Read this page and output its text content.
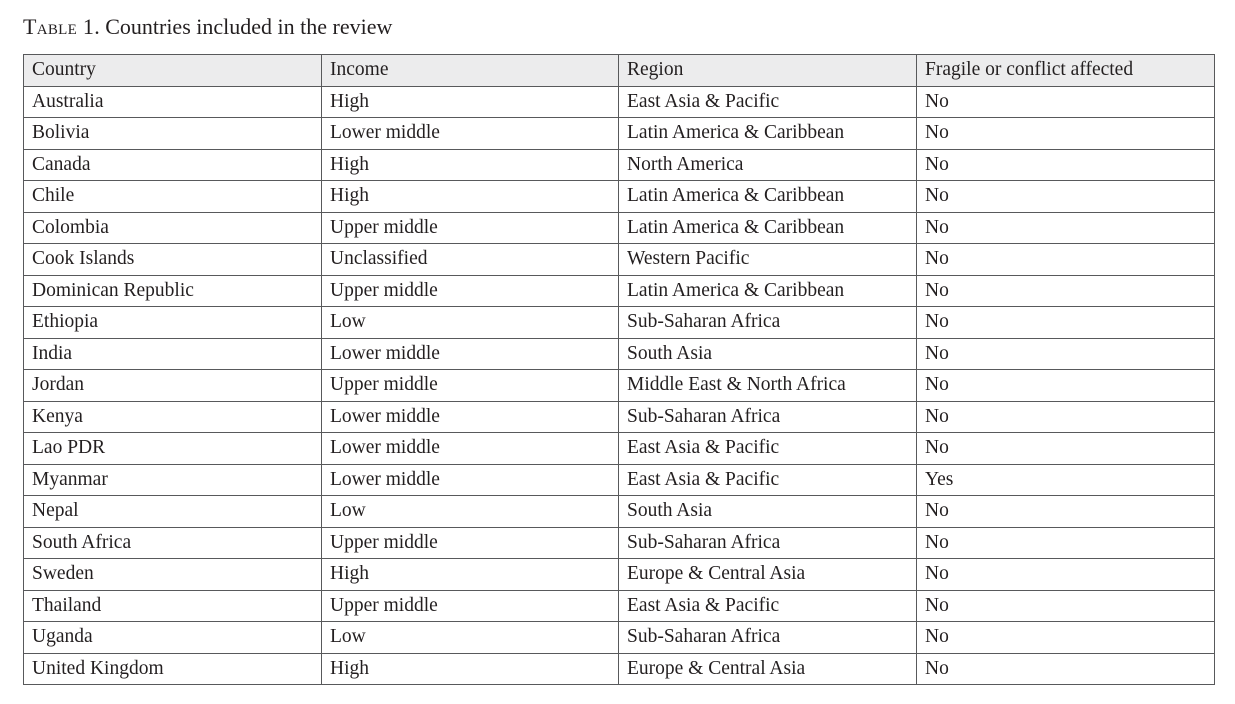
Table 1. Countries included in the review
Country	Income	Region	Fragile or conflict affected
Australia	High	East Asia & Pacific	No
Bolivia	Lower middle	Latin America & Caribbean	No
Canada	High	North America	No
Chile	High	Latin America & Caribbean	No
Colombia	Upper middle	Latin America & Caribbean	No
Cook Islands	Unclassified	Western Pacific	No
Dominican Republic	Upper middle	Latin America & Caribbean	No
Ethiopia	Low	Sub-Saharan Africa	No
India	Lower middle	South Asia	No
Jordan	Upper middle	Middle East & North Africa	No
Kenya	Lower middle	Sub-Saharan Africa	No
Lao PDR	Lower middle	East Asia & Pacific	No
Myanmar	Lower middle	East Asia & Pacific	Yes
Nepal	Low	South Asia	No
South Africa	Upper middle	Sub-Saharan Africa	No
Sweden	High	Europe & Central Asia	No
Thailand	Upper middle	East Asia & Pacific	No
Uganda	Low	Sub-Saharan Africa	No
United Kingdom	High	Europe & Central Asia	No
